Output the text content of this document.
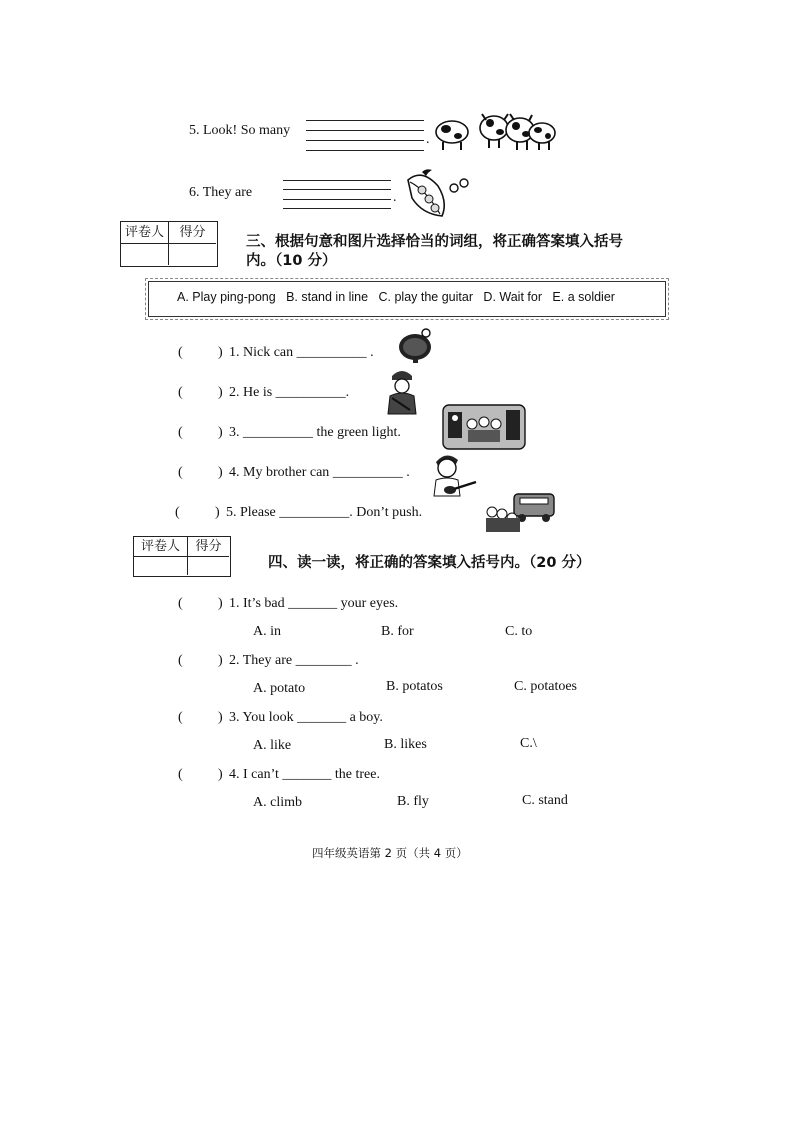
5. Look! So many
.
6. They are	.
评卷人	得分
三、根据句意和图片选择恰当的词组，将正确答案填入括号
内。（10 分）
A. Play ping-pong   B. stand in line   C. play the guitar   D. Wait for   E. a soldier
(	) 1. Nick can __________ .
(	) 2. He is __________.
(	) 3. __________ the green light.
(	) 4. My brother can __________ .
(	) 5. Please __________. Don’t push.
评卷人	得分
四、读一读，将正确的答案填入括号内。（20 分）
(	) 1. It’s bad _______ your eyes.
A. in	B. for	C. to
(	) 2. They are ________ .
A. potato	B. potatos	C. potatoes
(	) 3. You look _______ a boy.
A. like	B. likes	C.\
(	) 4. I can’t _______ the tree.
A. climb	B. fly	C. stand
四年级英语第 2 页（共 4 页）
